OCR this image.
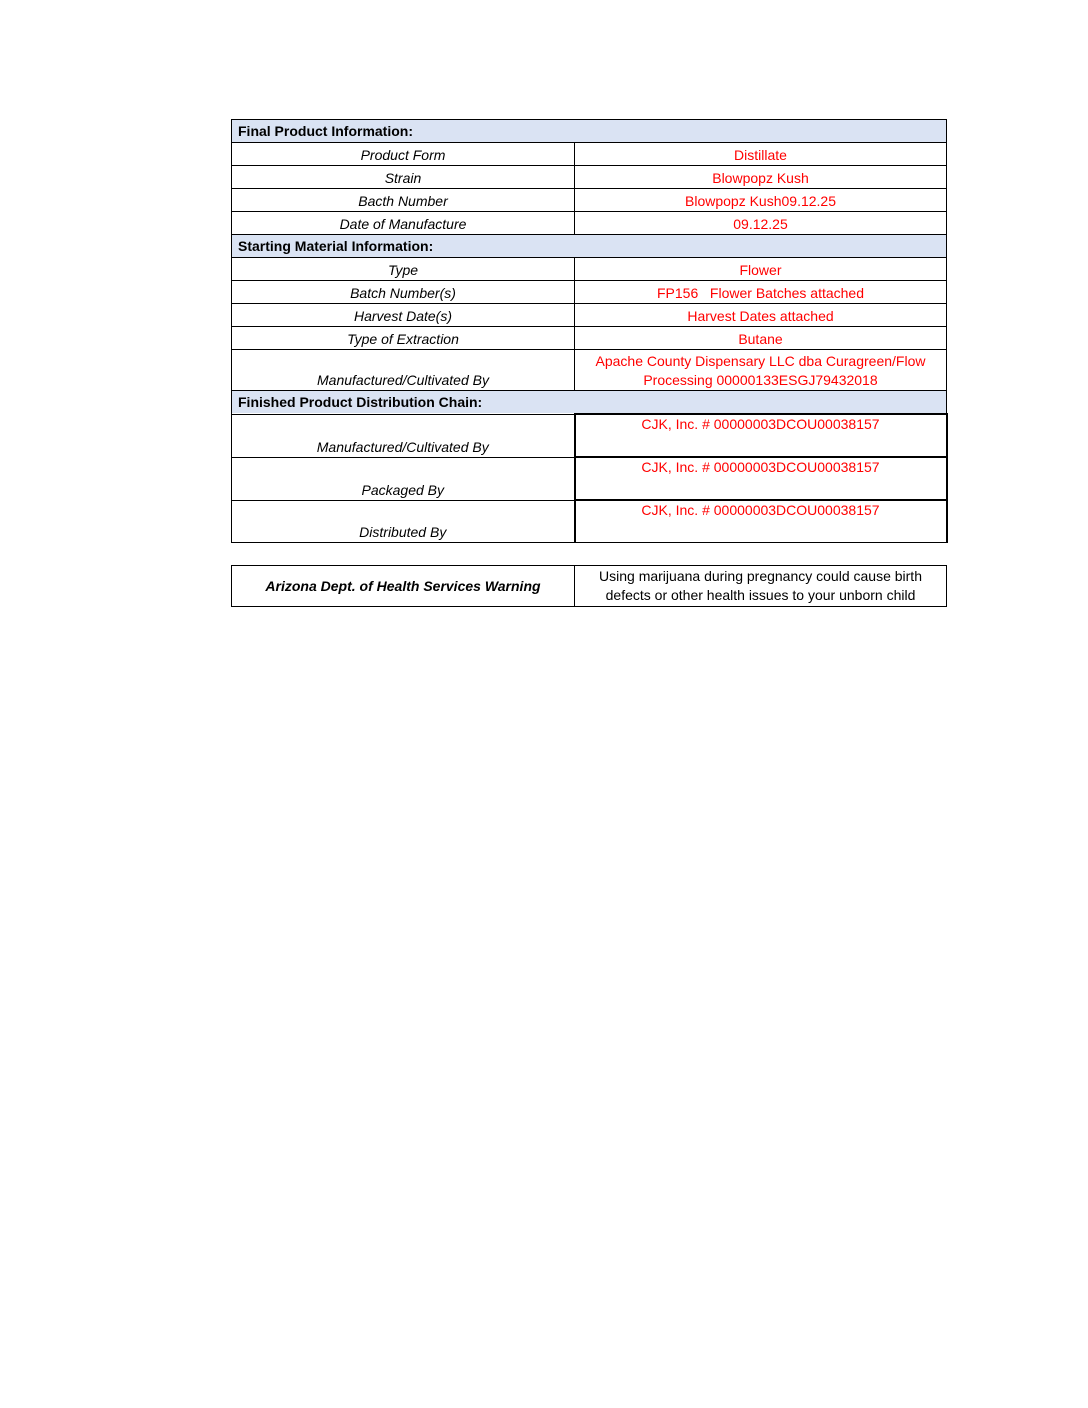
Final Product Information:	
Product Form	Distillate
Strain	Blowpopz Kush
Bacth Number	Blowpopz Kush09.12.25
Date of Manufacture	09.12.25
Starting Material Information:	
Type	Flower
Batch Number(s)	FP156   Flower Batches attached
Harvest Date(s)	Harvest Dates attached
Type of Extraction	Butane
Manufactured/Cultivated By	Apache County Dispensary LLC dba Curagreen/Flow Processing 00000133ESGJ79432018
Finished Product Distribution Chain:	
Manufactured/Cultivated By	CJK, Inc. # 00000003DCOU00038157
Packaged By	CJK, Inc. # 00000003DCOU00038157
Distributed By	CJK, Inc. # 00000003DCOU00038157
Arizona Dept. of Health Services Warning	Using marijuana during pregnancy could cause birth defects or other health issues to your unborn child
